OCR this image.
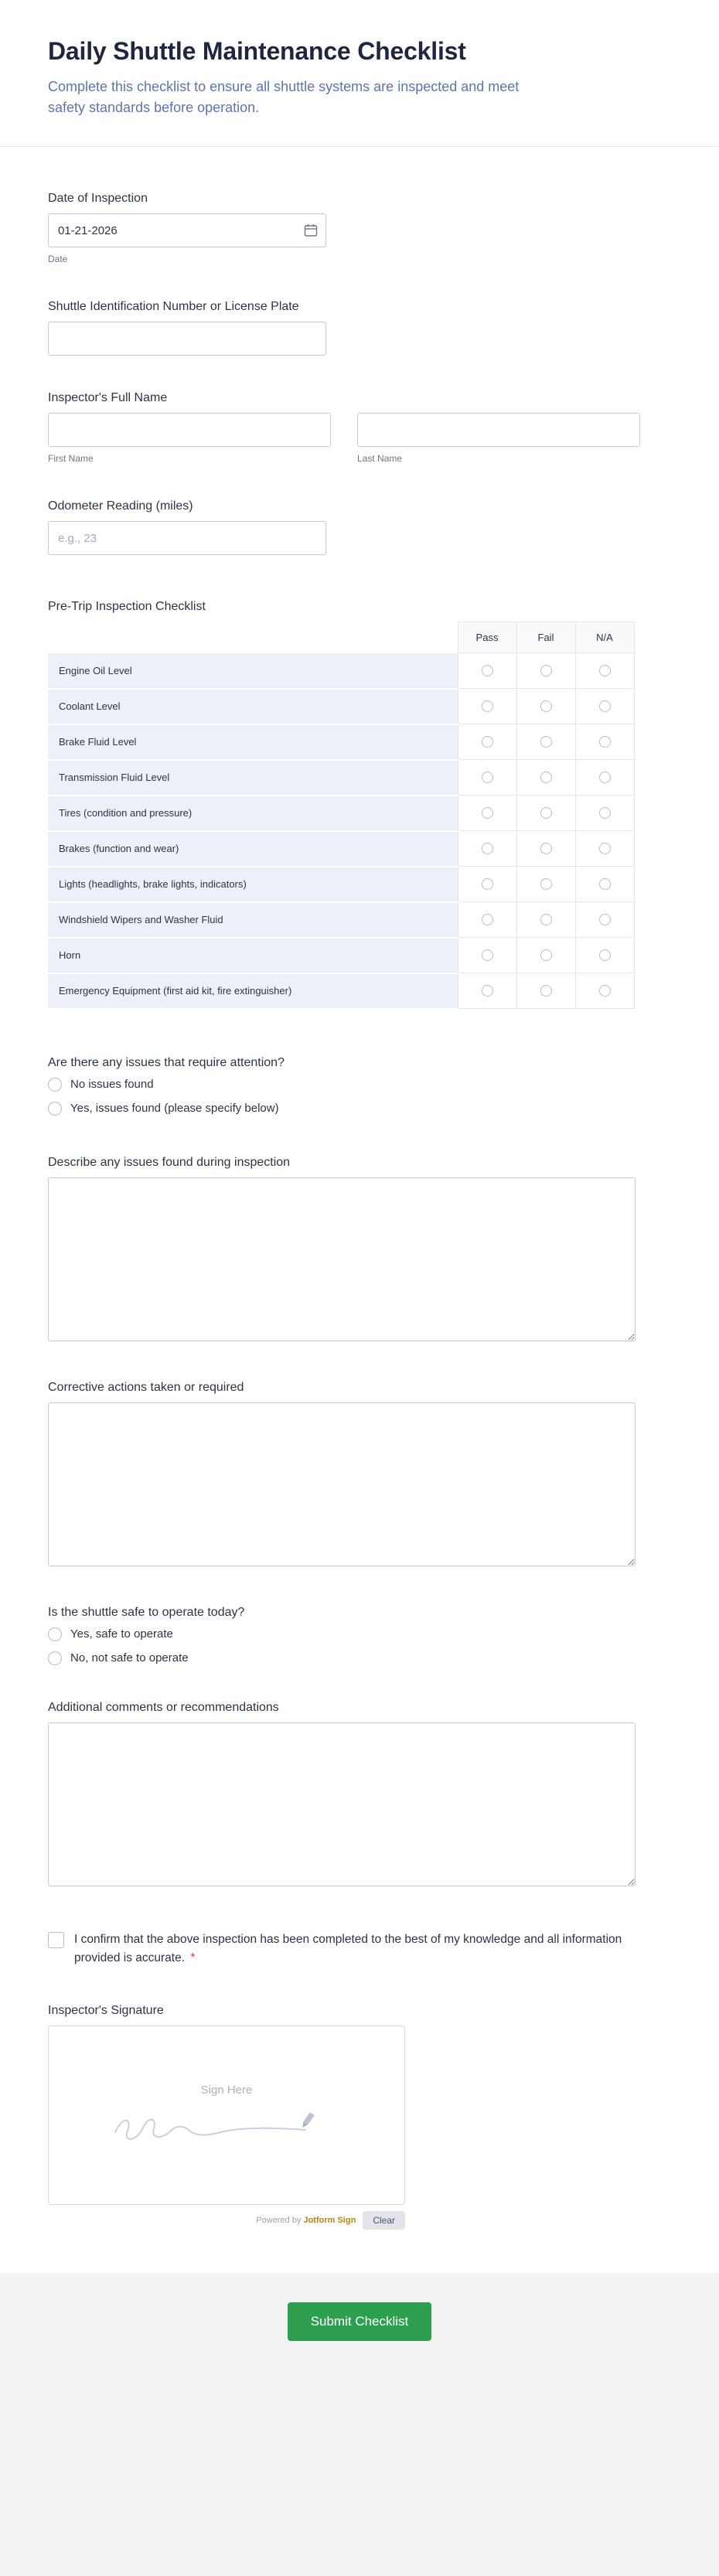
Daily Shuttle Maintenance Checklist

Complete this checklist to ensure all shuttle systems are inspected and meet safety standards before operation.

Date of Inspection
01-21-2026
Date
Shuttle Identification Number or License Plate
Inspector's Full Name
First Name	Last Name
Odometer Reading (miles)
e.g., 23
Pre-Trip Inspection Checklist
	Pass	Fail	N/A
Engine Oil Level			
Coolant Level			
Brake Fluid Level			
Transmission Fluid Level			
Tires (condition and pressure)			
Brakes (function and wear)			
Lights (headlights, brake lights, indicators)			
Windshield Wipers and Washer Fluid			
Horn			
Emergency Equipment (first aid kit, fire extinguisher)			
Are there any issues that require attention?
No issues found
Yes, issues found (please specify below)
Describe any issues found during inspection
Corrective actions taken or required
Is the shuttle safe to operate today?
Yes, safe to operate
No, not safe to operate
Additional comments or recommendations
I confirm that the above inspection has been completed to the best of my knowledge and all information provided is accurate. *
Inspector's Signature
Sign Here
Powered by Jotform Sign	Clear
Submit Checklist
